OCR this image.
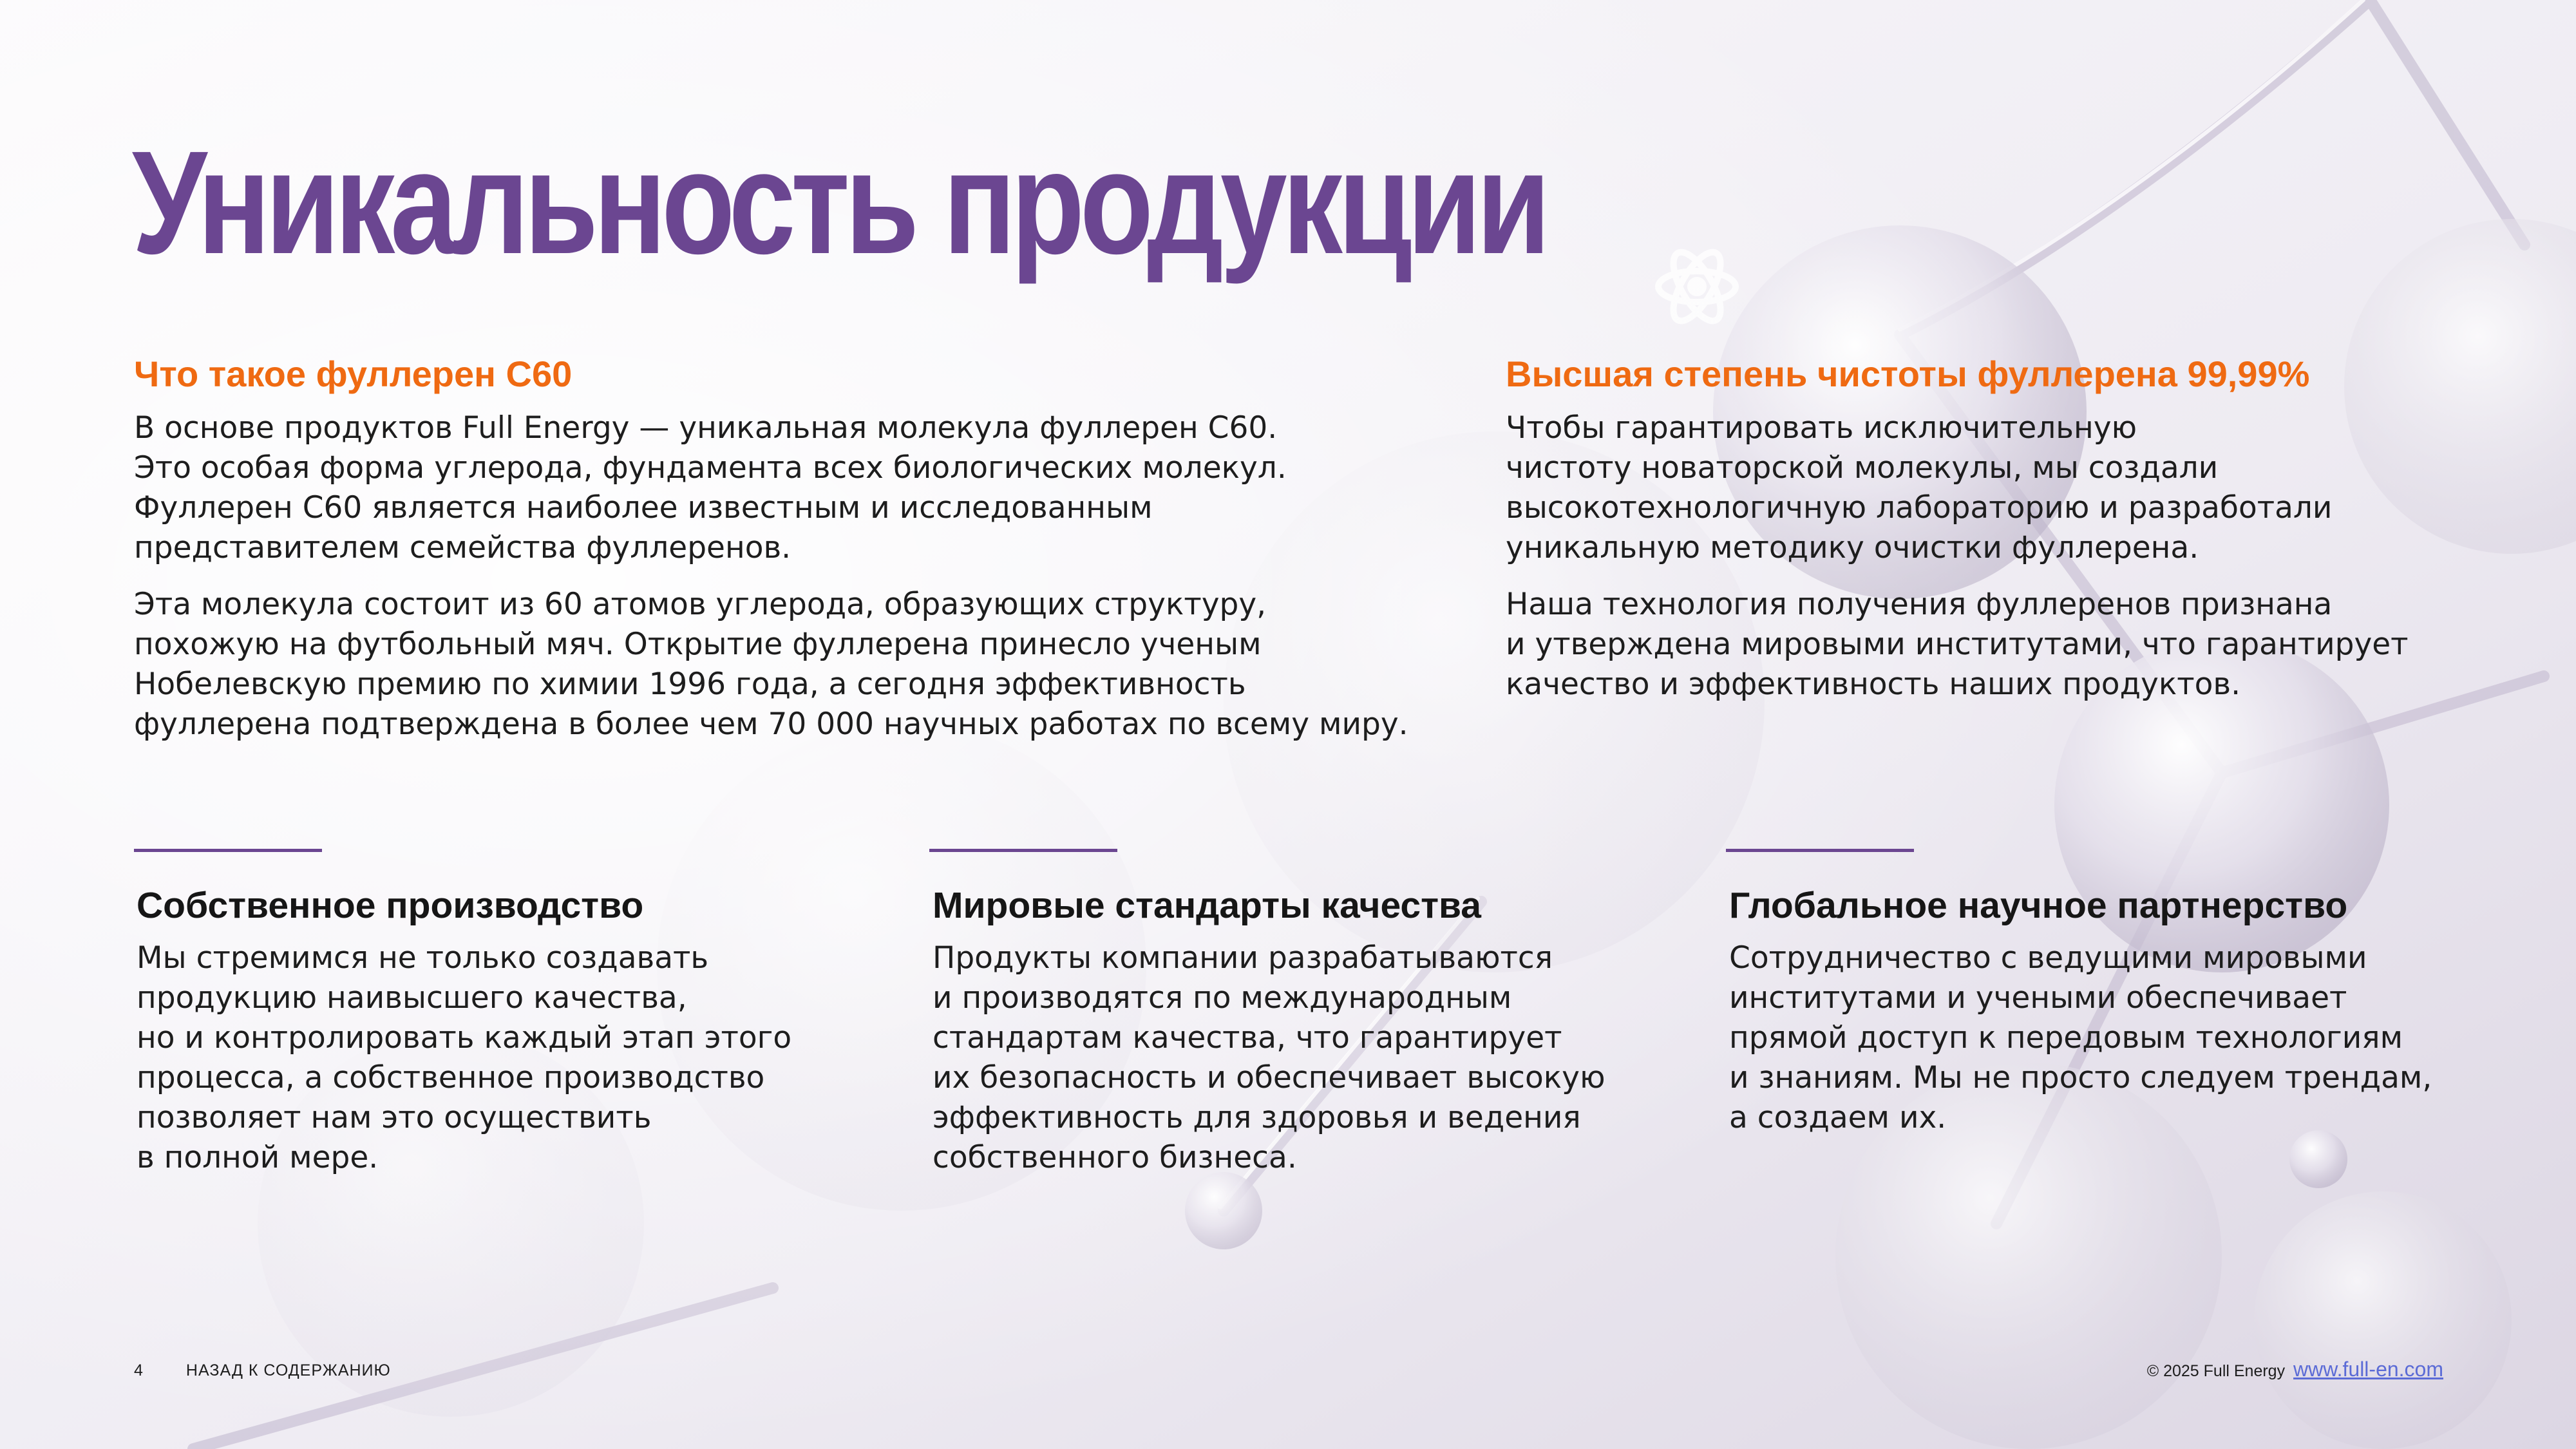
Уникальность продукции
Что такое фуллерен С60

В основе продуктов Full Energy — уникальная молекула фуллерен С60.
Это особая форма углерода, фундамента всех биологических молекул.
Фуллерен С60 является наиболее известным и исследованным
представителем семейства фуллеренов.

Эта молекула состоит из 60 атомов углерода, образующих структуру,
похожую на футбольный мяч. Открытие фуллерена принесло ученым
Нобелевскую премию по химии 1996 года, а сегодня эффективность
фуллерена подтверждена в более чем 70 000 научных работах по всему миру.

Высшая степень чистоты фуллерена 99,99%

Чтобы гарантировать исключительную
чистоту новаторской молекулы, мы создали
высокотехнологичную лабораторию и разработали
уникальную методику очистки фуллерена.

Наша технология получения фуллеренов признана
и утверждена мировыми институтами, что гарантирует
качество и эффективность наших продуктов.

Собственное производство

Мы стремимся не только создавать
продукцию наивысшего качества,
но и контролировать каждый этап этого
процесса, а собственное производство
позволяет нам это осуществить
в полной мере.

Мировые стандарты качества

Продукты компании разрабатываются
и производятся по международным
стандартам качества, что гарантирует
их безопасность и обеспечивает высокую
эффективность для здоровья и ведения
собственного бизнеса.

Глобальное научное партнерство

Сотрудничество с ведущими мировыми
институтами и учеными обеспечивает
прямой доступ к передовым технологиям
и знаниям. Мы не просто следуем трендам,
а создаем их.

4	НАЗАД К СОДЕРЖАНИЮ	© 2025 Full Energy www.full-en.com
